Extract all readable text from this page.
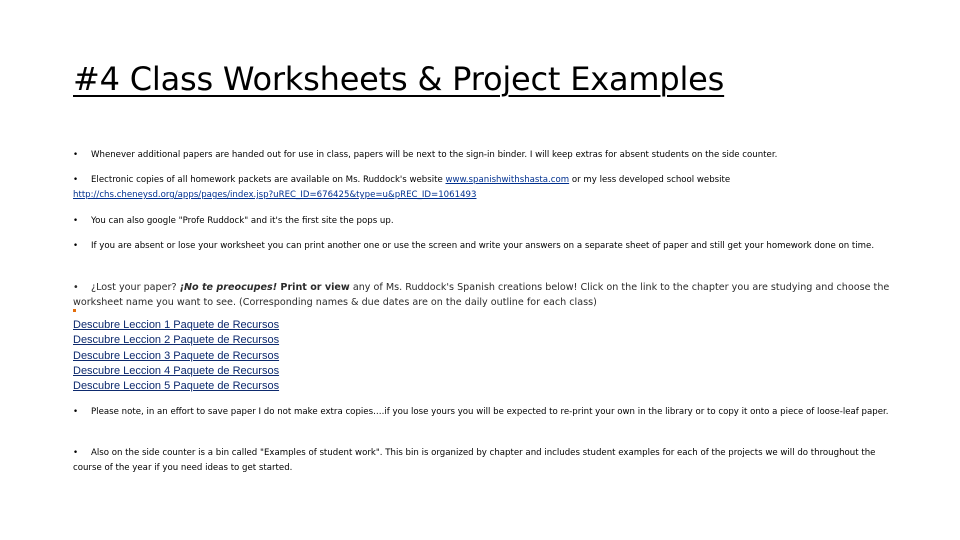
#4 Class Worksheets & Project Examples
• Whenever additional papers are handed out for use in class, papers will be next to the sign-in binder. I will keep extras for absent students on the side counter.
• Electronic copies of all homework packets are available on Ms. Ruddock's website www.spanishwithshasta.com or my less developed school website
http://chs.cheneysd.org/apps/pages/index.jsp?uREC_ID=676425&type=u&pREC_ID=1061493
• You can also google "Profe Ruddock" and it's the first site the pops up.
• If you are absent or lose your worksheet you can print another one or use the screen and write your answers on a separate sheet of paper and still get your homework done on time.
• ¿Lost your paper? ¡No te preocupes! Print or view any of Ms. Ruddock's Spanish creations below! Click on the link to the chapter you are studying and choose the worksheet name you want to see. (Corresponding names & due dates are on the daily outline for each class)
Descubre Leccion 1 Paquete de Recursos
Descubre Leccion 2 Paquete de Recursos
Descubre Leccion 3 Paquete de Recursos
Descubre Leccion 4 Paquete de Recursos
Descubre Leccion 5 Paquete de Recursos
• Please note, in an effort to save paper I do not make extra copies….if you lose yours you will be expected to re-print your own in the library or to copy it onto a piece of loose-leaf paper.
• Also on the side counter is a bin called "Examples of student work". This bin is organized by chapter and includes student examples for each of the projects we will do throughout the course of the year if you need ideas to get started.
